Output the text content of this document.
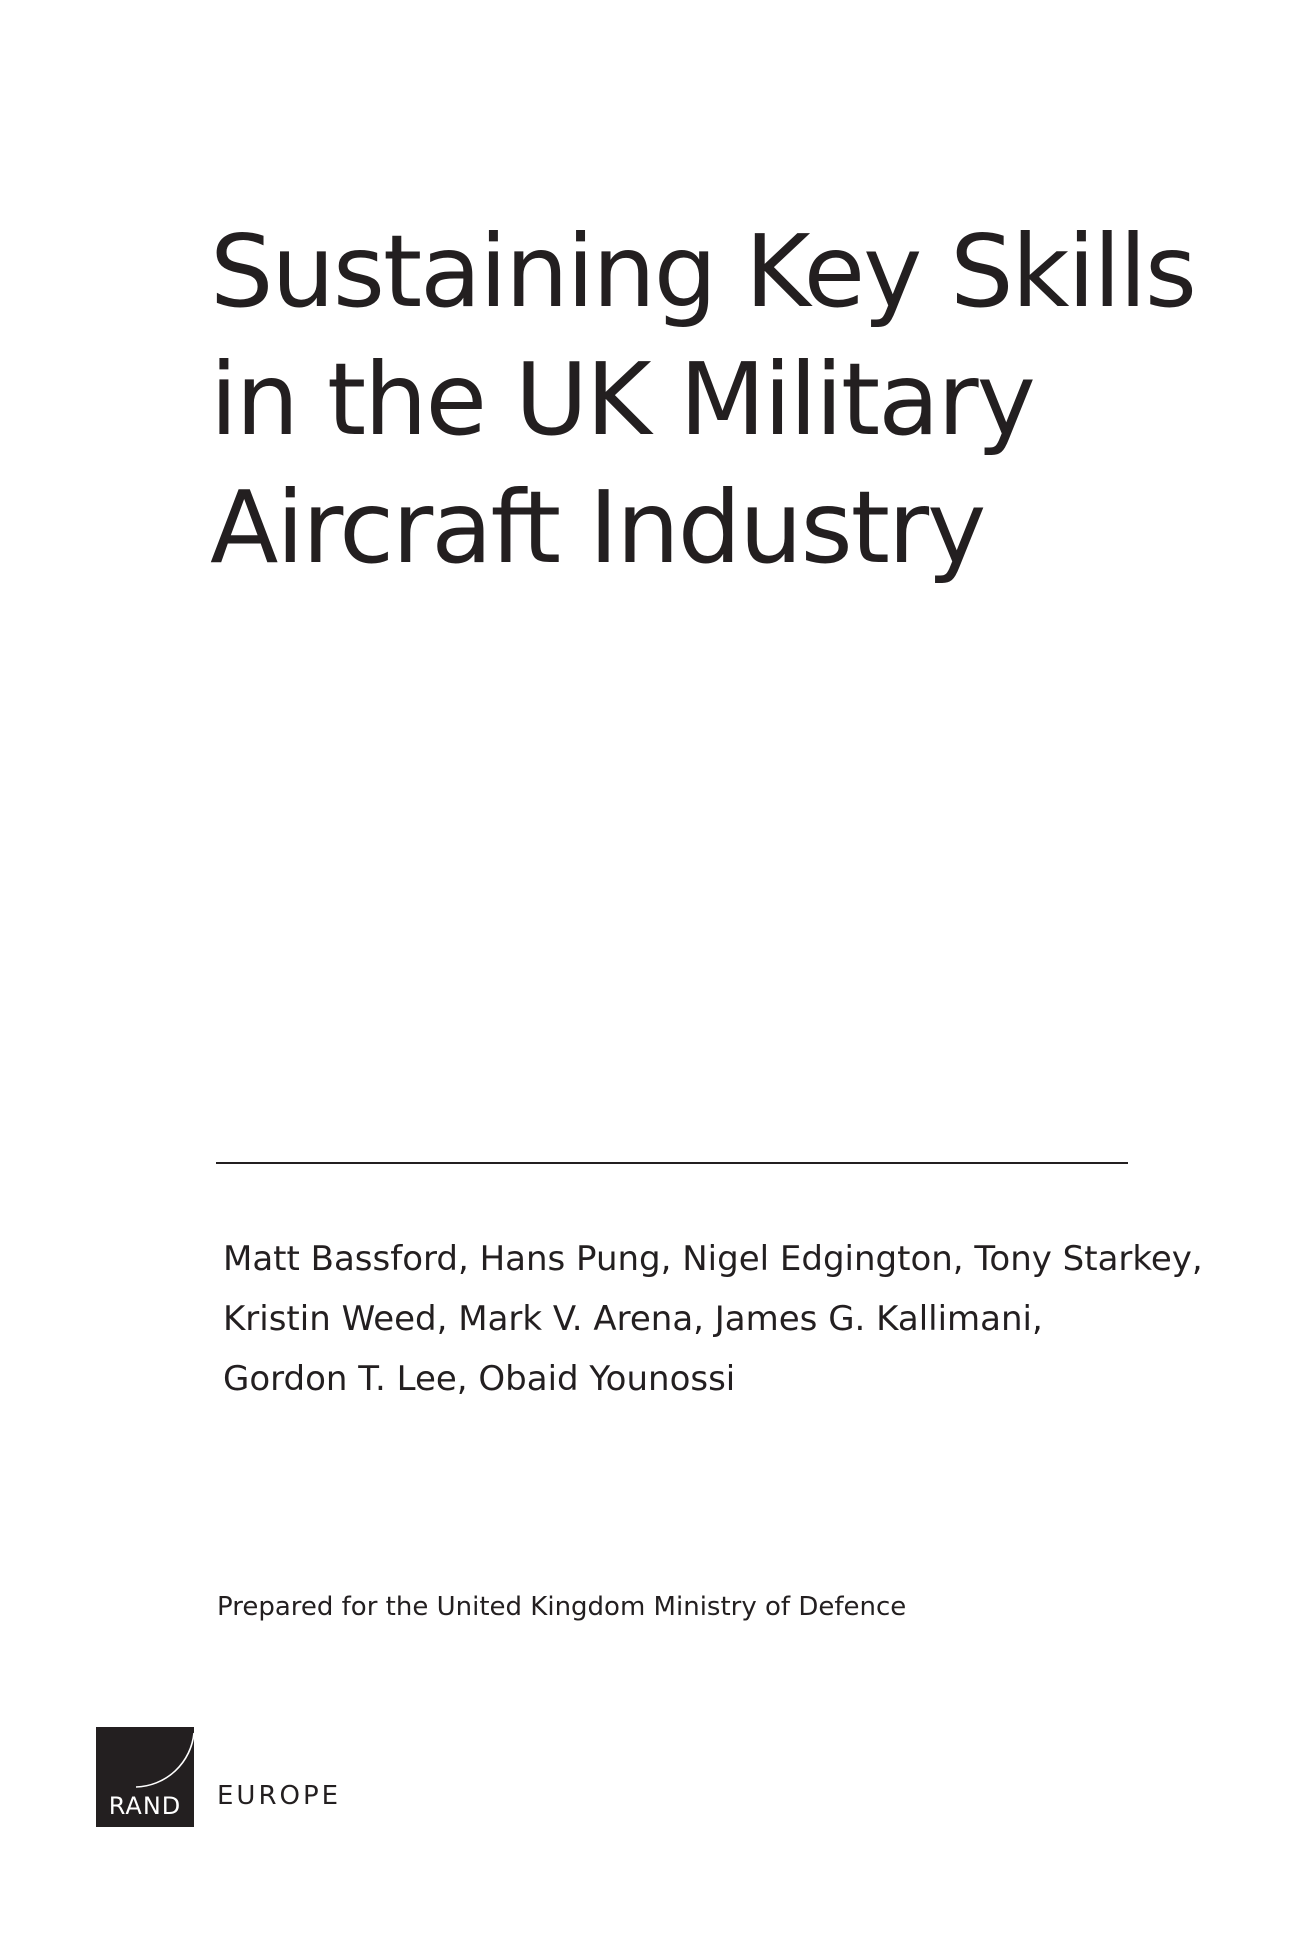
Sustaining Key Skills
in the UK Military
Aircraft Industry
Matt Bassford, Hans Pung, Nigel Edgington, Tony Starkey,
Kristin Weed, Mark V. Arena, James G. Kallimani,
Gordon T. Lee, Obaid Younossi
Prepared for the United Kingdom Ministry of Defence
RAND	EUROPE
